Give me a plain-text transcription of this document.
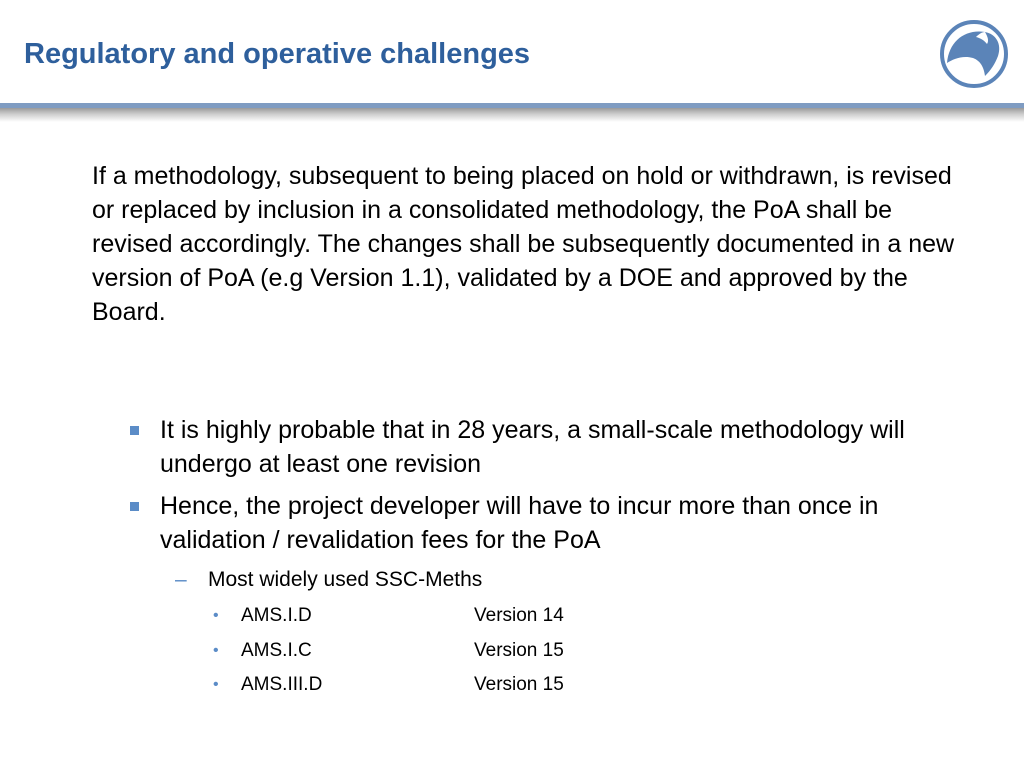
Regulatory and operative challenges
If a methodology, subsequent to being placed on hold or withdrawn, is revised or replaced by inclusion in a consolidated methodology, the PoA shall be revised accordingly. The changes shall be subsequently documented in a new version of PoA (e.g Version 1.1), validated by a DOE and approved by the Board.
It is highly probable that in 28 years, a small-scale methodology will undergo at least one revision
Hence, the project developer will have to incur more than once in validation / revalidation fees for the PoA
– Most widely used SSC-Meths
• AMS.I.D	Version 14
• AMS.I.C	Version 15
• AMS.III.D	Version 15
